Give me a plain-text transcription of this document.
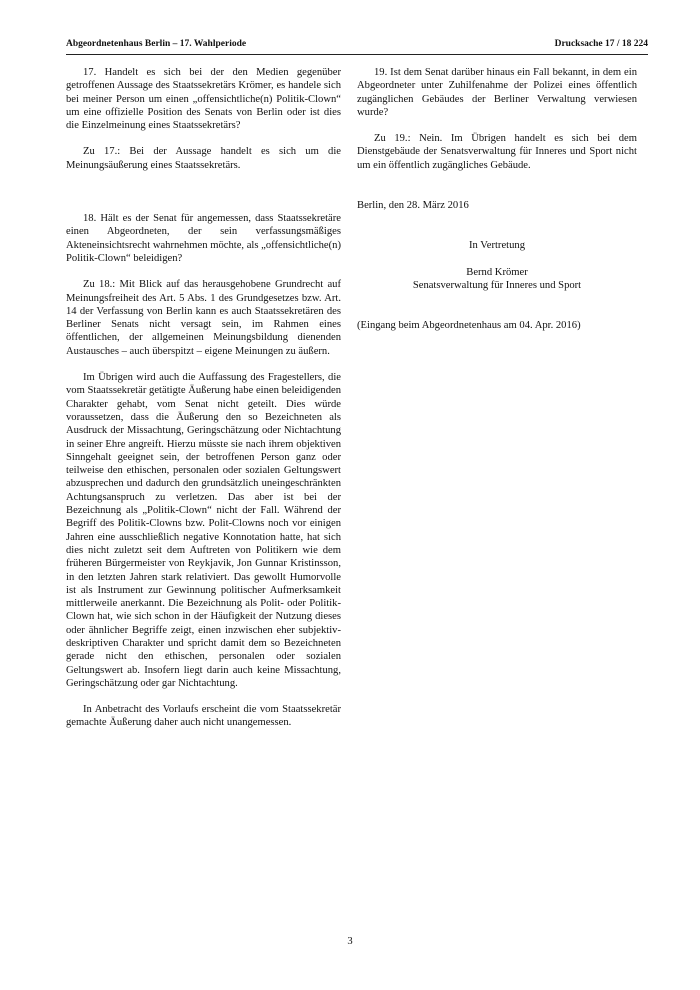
Abgeordnetenhaus Berlin – 17. Wahlperiode	Drucksache 17 / 18 224

17. Handelt es sich bei der den Medien gegenüber getroffenen Aussage des Staatssekretärs Krömer, es handele sich bei meiner Person um einen „offensichtliche(n) Politik-Clown“ um eine offizielle Position des Senats von Berlin oder ist dies die Einzelmeinung eines Staatssekretärs?

Zu 17.: Bei der Aussage handelt es sich um die Meinungsäußerung eines Staatssekretärs.

18. Hält es der Senat für angemessen, dass Staatssekretäre einen Abgeordneten, der sein verfassungsmäßiges Akteneinsichtsrecht wahrnehmen möchte, als „offensichtliche(n) Politik-Clown“ beleidigen?

Zu 18.: Mit Blick auf das herausgehobene Grundrecht auf Meinungsfreiheit des Art. 5 Abs. 1 des Grundgesetzes bzw. Art. 14 der Verfassung von Berlin kann es auch Staatssekretären des Berliner Senats nicht versagt sein, im Rahmen eines öffentlichen, der allgemeinen Meinungsbildung dienenden Austausches – auch überspitzt – eigene Meinungen zu äußern.

Im Übrigen wird auch die Auffassung des Fragestellers, die vom Staatssekretär getätigte Äußerung habe einen beleidigenden Charakter gehabt, vom Senat nicht geteilt. Dies würde voraussetzen, dass die Äußerung den so Bezeichneten als Ausdruck der Missachtung, Geringschätzung oder Nichtachtung in seiner Ehre angreift. Hierzu müsste sie nach ihrem objektiven Sinngehalt geeignet sein, der betroffenen Person ganz oder teilweise den ethischen, personalen oder sozialen Geltungswert abzusprechen und dadurch den grundsätzlich uneingeschränkten Achtungsanspruch zu verletzen. Das aber ist bei der Bezeichnung als „Politik-Clown“ nicht der Fall. Während der Begriff des Politik-Clowns bzw. Polit-Clowns noch vor einigen Jahren eine ausschließlich negative Konnotation hatte, hat sich dies nicht zuletzt seit dem Auftreten von Politikern wie dem früheren Bürgermeister von Reykjavik, Jon Gunnar Kristinsson, in den letzten Jahren stark relativiert. Das gewollt Humorvolle ist als Instrument zur Gewinnung politischer Aufmerksamkeit mittlerweile anerkannt. Die Bezeichnung als Polit- oder Politik-Clown hat, wie sich schon in der Häufigkeit der Nutzung dieses oder ähnlicher Begriffe zeigt, einen inzwischen eher subjektiv-deskriptiven Charakter und spricht damit dem so Bezeichneten gerade nicht den ethischen, personalen oder sozialen Geltungswert ab. Insofern liegt darin auch keine Missachtung, Geringschätzung oder gar Nichtachtung.

In Anbetracht des Vorlaufs erscheint die vom Staatssekretär gemachte Äußerung daher auch nicht unangemessen.

19. Ist dem Senat darüber hinaus ein Fall bekannt, in dem ein Abgeordneter unter Zuhilfenahme der Polizei eines öffentlich zugänglichen Gebäudes der Berliner Verwaltung verwiesen wurde?

Zu 19.: Nein. Im Übrigen handelt es sich bei dem Dienstgebäude der Senatsverwaltung für Inneres und Sport nicht um ein öffentlich zugängliches Gebäude.

Berlin, den 28. März 2016

In Vertretung

Bernd Krömer

Senatsverwaltung für Inneres und Sport

(Eingang beim Abgeordnetenhaus am 04. Apr. 2016)

3
